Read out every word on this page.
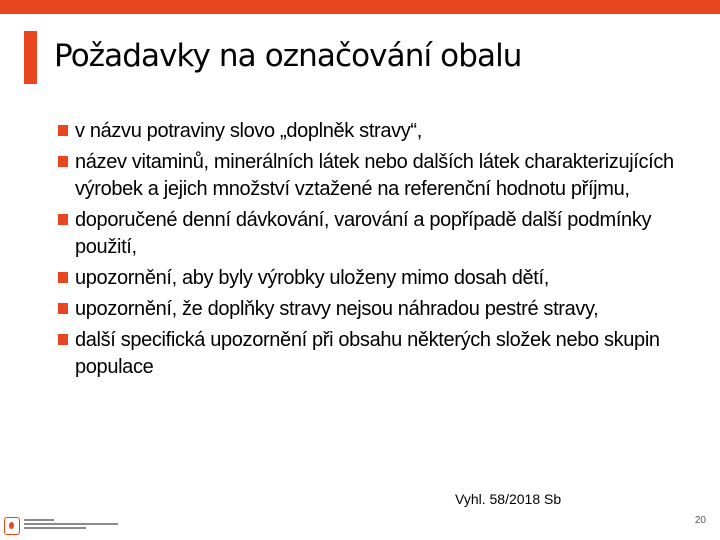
Požadavky na označování obalu
v názvu potraviny slovo „doplněk stravy“,
název vitaminů, minerálních látek nebo dalších látek charakterizujících výrobek a jejich množství vztažené na referenční hodnotu příjmu,
doporučené denní dávkování, varování a popřípadě další podmínky použití,
upozornění, aby byly výrobky uloženy mimo dosah dětí,
upozornění, že doplňky stravy nejsou náhradou pestré stravy,
další specifická upozornění při obsahu některých složek nebo skupin populace
Vyhl. 58/2018 Sb
20
